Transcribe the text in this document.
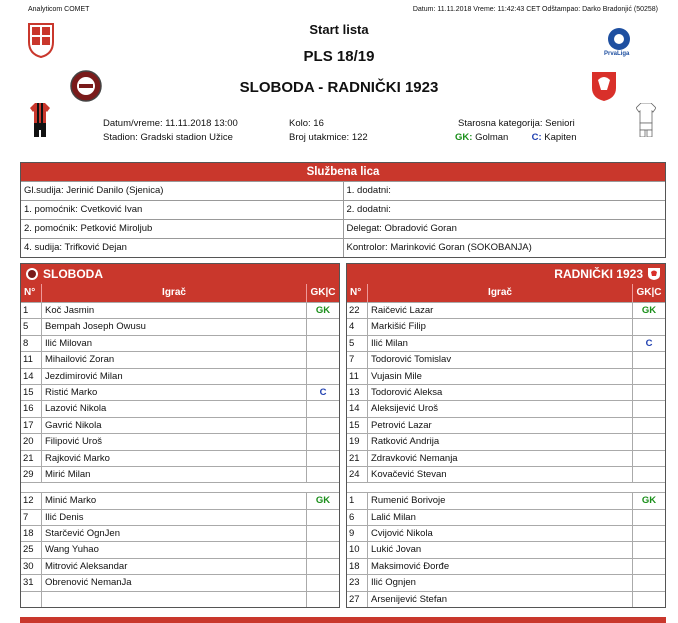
Analyticom COMET	Datum: 11.11.2018 Vreme: 11:42:43 CET Odštampao: Darko Bradonjić (50258)
Start lista
PLS 18/19
SLOBODA - RADNIČKI 1923
PrvaLiga
Datum/vreme: 11.11.2018 13:00
Stadion: Gradski stadion Užice
Kolo: 16
Broj utakmice: 122
Starosna kategorija: Seniori
GK: Golman C: Kapiten
Službena lica
Gl.sudija: Jerinić Danilo (Sjenica)	1. dodatni:
1. pomoćnik: Cvetković Ivan	2. dodatni:
2. pomoćnik: Petković Miroljub	Delegat: Obradović Goran
4. sudija: Trifković Dejan	Kontrolor: Marinković Goran (SOKOBANJA)
SLOBODA
N°	Igrač	GK|C
1	Koč Jasmin	GK
5	Bempah Joseph Owusu
8	Ilić Milovan
11	Mihailović Zoran
14	Jezdimirović Milan
15	Ristić Marko	C
16	Lazović Nikola
17	Gavrić Nikola
20	Filipović Uroš
21	Rajković Marko
29	Mirić Milan
12	Minić Marko	GK
7	Ilić Denis
18	Starčević OgnJen
25	Wang Yuhao
30	Mitrović Aleksandar
31	Obrenović NemanJa
RADNIČKI 1923
N°	Igrač	GK|C
22	Raičević Lazar	GK
4	Markišić Filip
5	Ilić Milan	C
7	Todorović Tomislav
11	Vujasin Mile
13	Todorović Aleksa
14	Aleksijević Uroš
15	Petrović Lazar
19	Ratković Andrija
21	Zdravković Nemanja
24	Kovačević Stevan
1	Rumenić Borivoje	GK
6	Lalić Milan
9	Cvijović Nikola
10	Lukić Jovan
18	Maksimović Đorđe
23	Ilić Ognjen
27	Arsenijević Stefan
